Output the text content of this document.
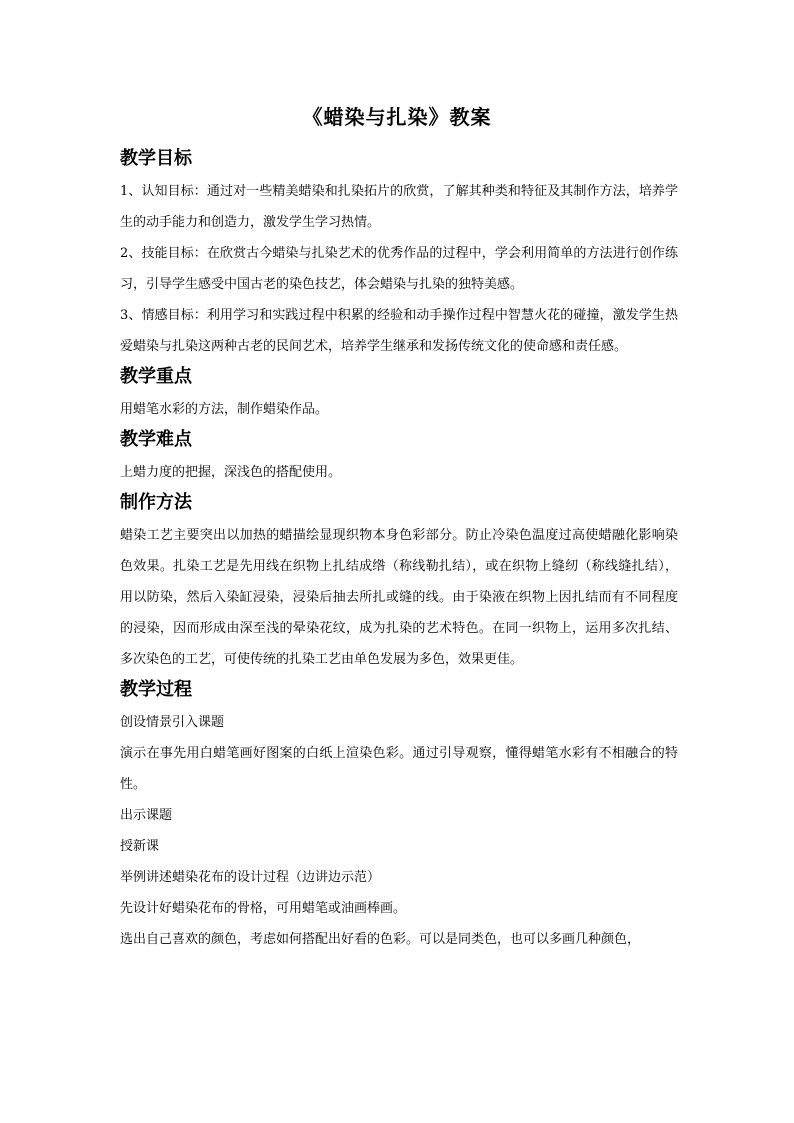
《蜡染与扎染》教案
教学目标
1、认知目标：通过对一些精美蜡染和扎染拓片的欣赏，了解其种类和特征及其制作方法，培养学生的动手能力和创造力，激发学生学习热情。
2、技能目标：在欣赏古今蜡染与扎染艺术的优秀作品的过程中，学会利用简单的方法进行创作练习，引导学生感受中国古老的染色技艺，体会蜡染与扎染的独特美感。
3、情感目标：利用学习和实践过程中积累的经验和动手操作过程中智慧火花的碰撞，激发学生热爱蜡染与扎染这两种古老的民间艺术，培养学生继承和发扬传统文化的使命感和责任感。
教学重点
用蜡笔水彩的方法，制作蜡染作品。
教学难点
上蜡力度的把握，深浅色的搭配使用。
制作方法
蜡染工艺主要突出以加热的蜡描绘显现织物本身色彩部分。防止冷染色温度过高使蜡融化影响染色效果。扎染工艺是先用线在织物上扎结成绺（称线勒扎结），或在织物上缝纫（称线缝扎结），用以防染，然后入染缸浸染，浸染后抽去所扎或缝的线。由于染液在织物上因扎结而有不同程度的浸染，因而形成由深至浅的晕染花纹，成为扎染的艺术特色。在同一织物上，运用多次扎结、多次染色的工艺，可使传统的扎染工艺由单色发展为多色，效果更佳。
教学过程
创设情景引入课题
演示在事先用白蜡笔画好图案的白纸上渲染色彩。通过引导观察，懂得蜡笔水彩有不相融合的特性。
出示课题
授新课
举例讲述蜡染花布的设计过程（边讲边示范）
先设计好蜡染花布的骨格，可用蜡笔或油画棒画。
选出自己喜欢的颜色，考虑如何搭配出好看的色彩。可以是同类色，也可以多画几种颜色，
